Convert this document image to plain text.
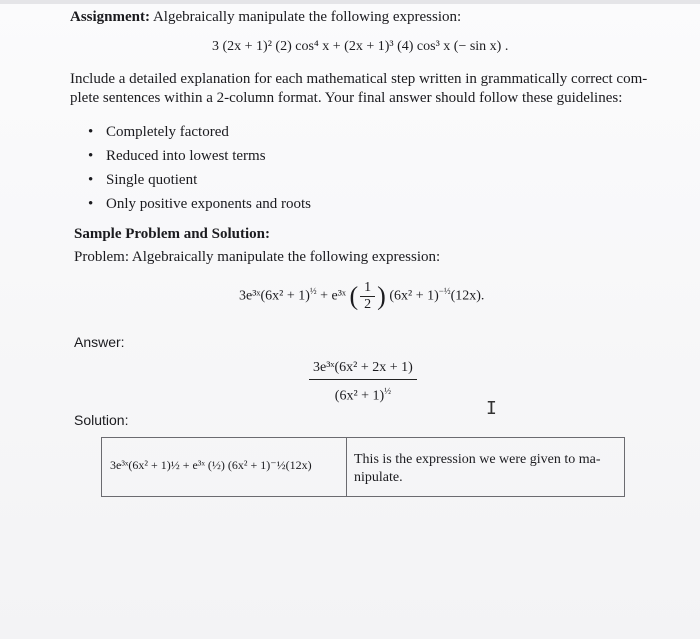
Assignment: Algebraically manipulate the following expression:
3 (2x + 1)² (2) cos⁴ x + (2x + 1)³ (4) cos³ x (− sin x) .
Include a detailed explanation for each mathematical step written in grammatically correct com-
plete sentences within a 2-column format. Your final answer should follow these guidelines:
• Completely factored
• Reduced into lowest terms
• Single quotient
• Only positive exponents and roots
Sample Problem and Solution:
Problem: Algebraically manipulate the following expression:
3e³ˣ(6x² + 1)$^{\frac{1}{2}}$ + e³ˣ ( $\frac{1}{2}$ ) $(6x^2 + 1)^{-\frac{1}{2}}(12x)$.
Answer:
$\frac{\text{3e³ˣ(6x² + 2x + 1)}}{(6x^2 + 1)^{\frac{1}{2}}}$
Solution:
I
3e³ˣ(6x² + 1)½ + e³ˣ (½) (6x² + 1)⁻½(12x)	This is the expression we were given to ma-
nipulate.
